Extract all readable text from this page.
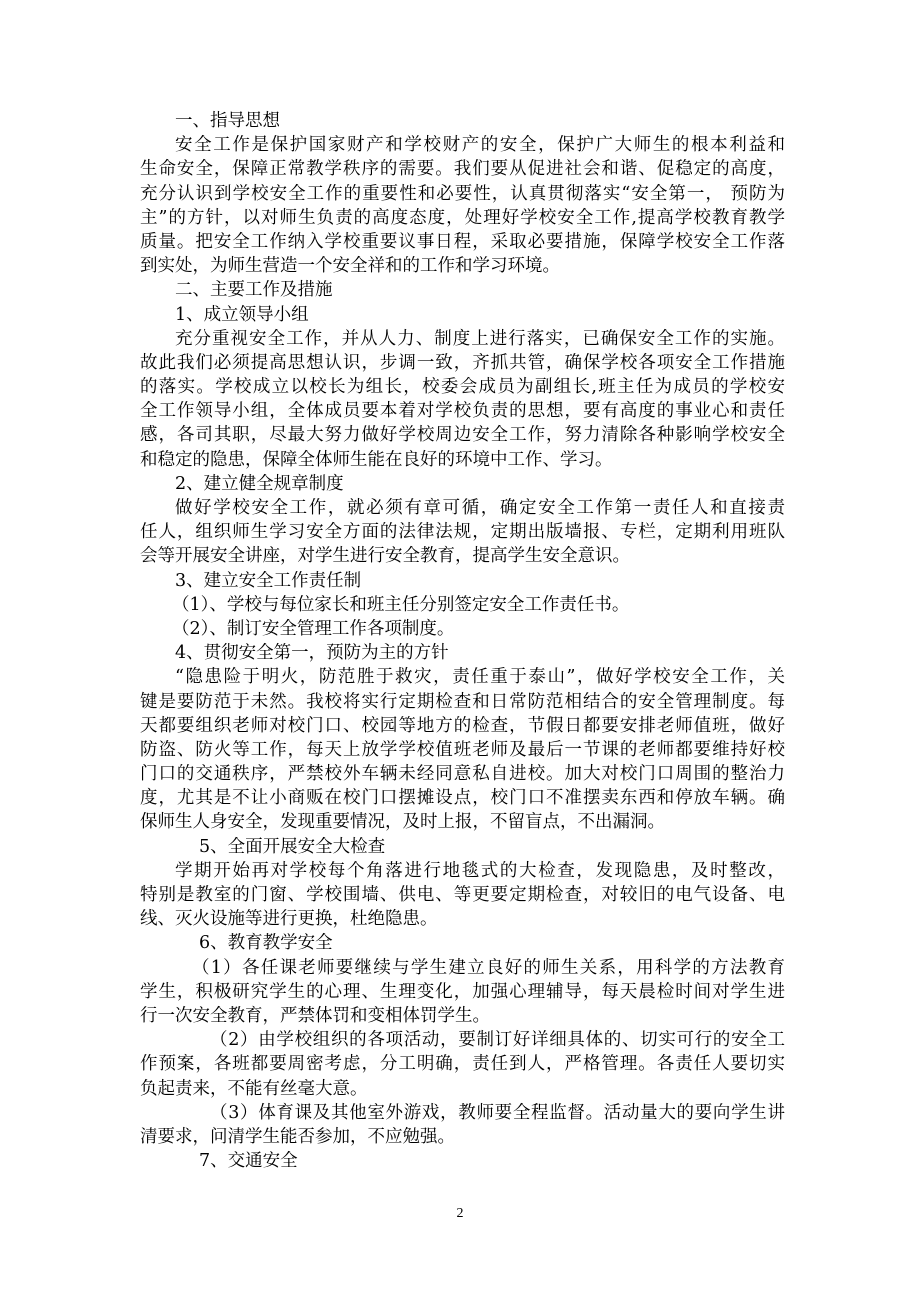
一、指导思想
安全工作是保护国家财产和学校财产的安全，保护广大师生的根本利益和
生命安全，保障正常教学秩序的需要。我们要从促进社会和谐、促稳定的高度，
充分认识到学校安全工作的重要性和必要性，认真贯彻落实“安全第一， 预防为
主”的方针，以对师生负责的高度态度，处理好学校安全工作,提高学校教育教学
质量。把安全工作纳入学校重要议事日程，采取必要措施，保障学校安全工作落
到实处，为师生营造一个安全祥和的工作和学习环境。
二、主要工作及措施
1、成立领导小组
充分重视安全工作，并从人力、制度上进行落实，已确保安全工作的实施。
故此我们必须提高思想认识，步调一致，齐抓共管，确保学校各项安全工作措施
的落实。学校成立以校长为组长，校委会成员为副组长,班主任为成员的学校安
全工作领导小组，全体成员要本着对学校负责的思想，要有高度的事业心和责任
感，各司其职，尽最大努力做好学校周边安全工作，努力清除各种影响学校安全
和稳定的隐患，保障全体师生能在良好的环境中工作、学习。
2、建立健全规章制度
做好学校安全工作，就必须有章可循，确定安全工作第一责任人和直接责
任人，组织师生学习安全方面的法律法规，定期出版墙报、专栏，定期利用班队
会等开展安全讲座，对学生进行安全教育，提高学生安全意识。
3、建立安全工作责任制
（1）、学校与每位家长和班主任分别签定安全工作责任书。
（2）、制订安全管理工作各项制度。
4、贯彻安全第一，预防为主的方针
“隐患险于明火，防范胜于救灾，责任重于泰山”，做好学校安全工作，关
键是要防范于未然。我校将实行定期检查和日常防范相结合的安全管理制度。每
天都要组织老师对校门口、校园等地方的检查，节假日都要安排老师值班，做好
防盗、防火等工作，每天上放学学校值班老师及最后一节课的老师都要维持好校
门口的交通秩序，严禁校外车辆未经同意私自进校。加大对校门口周围的整治力
度，尤其是不让小商贩在校门口摆摊设点，校门口不准摆卖东西和停放车辆。确
保师生人身安全，发现重要情况，及时上报，不留盲点，不出漏洞。
5、全面开展安全大检查
学期开始再对学校每个角落进行地毯式的大检查，发现隐患，及时整改，
特别是教室的门窗、学校围墙、供电、等更要定期检查，对较旧的电气设备、电
线、灭火设施等进行更换，杜绝隐患。
6、教育教学安全
（1）各任课老师要继续与学生建立良好的师生关系，用科学的方法教育
学生，积极研究学生的心理、生理变化，加强心理辅导，每天晨检时间对学生进
行一次安全教育，严禁体罚和变相体罚学生。
（2）由学校组织的各项活动，要制订好详细具体的、切实可行的安全工
作预案，各班都要周密考虑，分工明确，责任到人，严格管理。各责任人要切实
负起责来，不能有丝毫大意。
（3）体育课及其他室外游戏，教师要全程监督。活动量大的要向学生讲
清要求，问清学生能否参加，不应勉强。
7、交通安全
2
